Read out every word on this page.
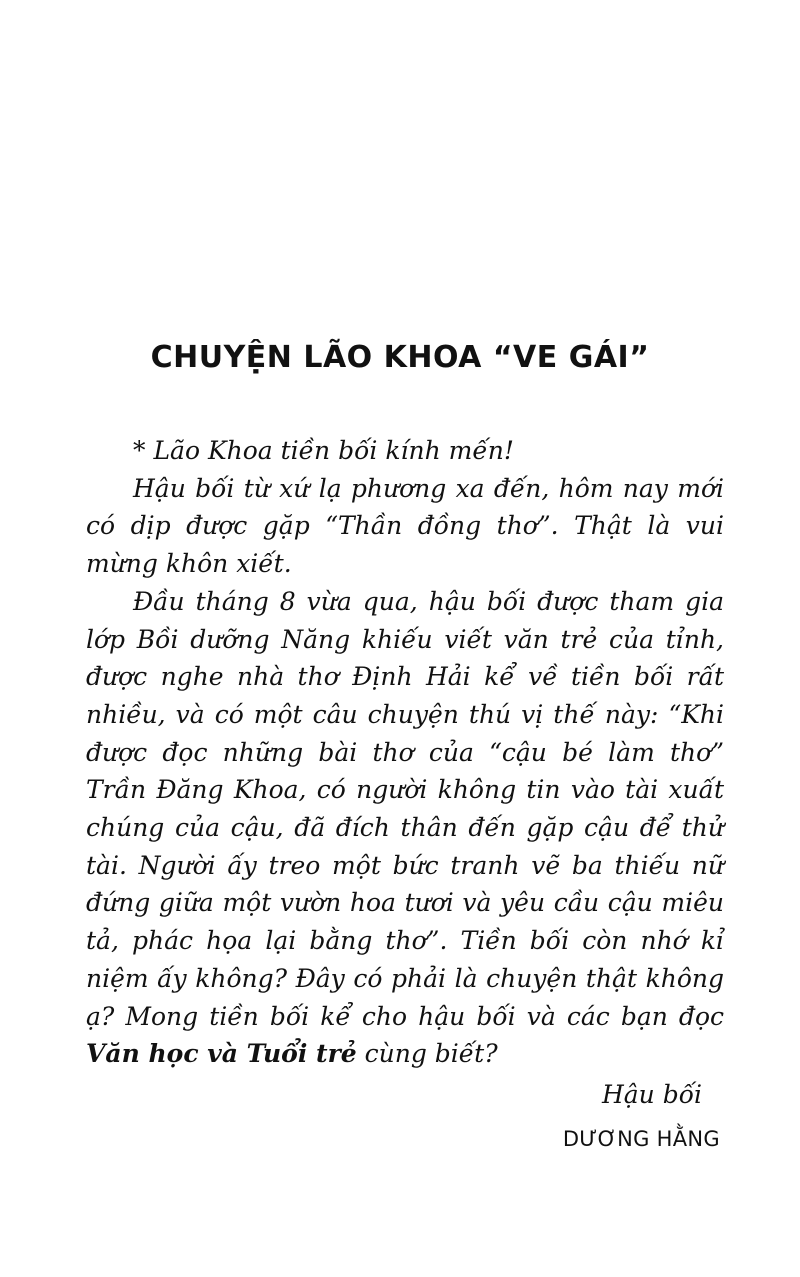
CHUYỆN LÃO KHOA “VE GÁI”

* Lão Khoa tiền bối kính mến!

Hậu bối từ xứ lạ phương xa đến, hôm nay mới có dịp được gặp “Thần đồng thơ”. Thật là vui mừng khôn xiết.

Đầu tháng 8 vừa qua, hậu bối được tham gia lớp Bồi dưỡng Năng khiếu viết văn trẻ của tỉnh, được nghe nhà thơ Định Hải kể về tiền bối rất nhiều, và có một câu chuyện thú vị thế này: “Khi được đọc những bài thơ của “cậu bé làm thơ” Trần Đăng Khoa, có người không tin vào tài xuất chúng của cậu, đã đích thân đến gặp cậu để thử tài. Người ấy treo một bức tranh vẽ ba thiếu nữ đứng giữa một vườn hoa tươi và yêu cầu cậu miêu tả, phác họa lại bằng thơ”. Tiền bối còn nhớ kỉ niệm ấy không? Đây có phải là chuyện thật không ạ? Mong tiền bối kể cho hậu bối và các bạn đọc Văn học và Tuổi trẻ cùng biết?

Hậu bối
DƯƠNG HẰNG
